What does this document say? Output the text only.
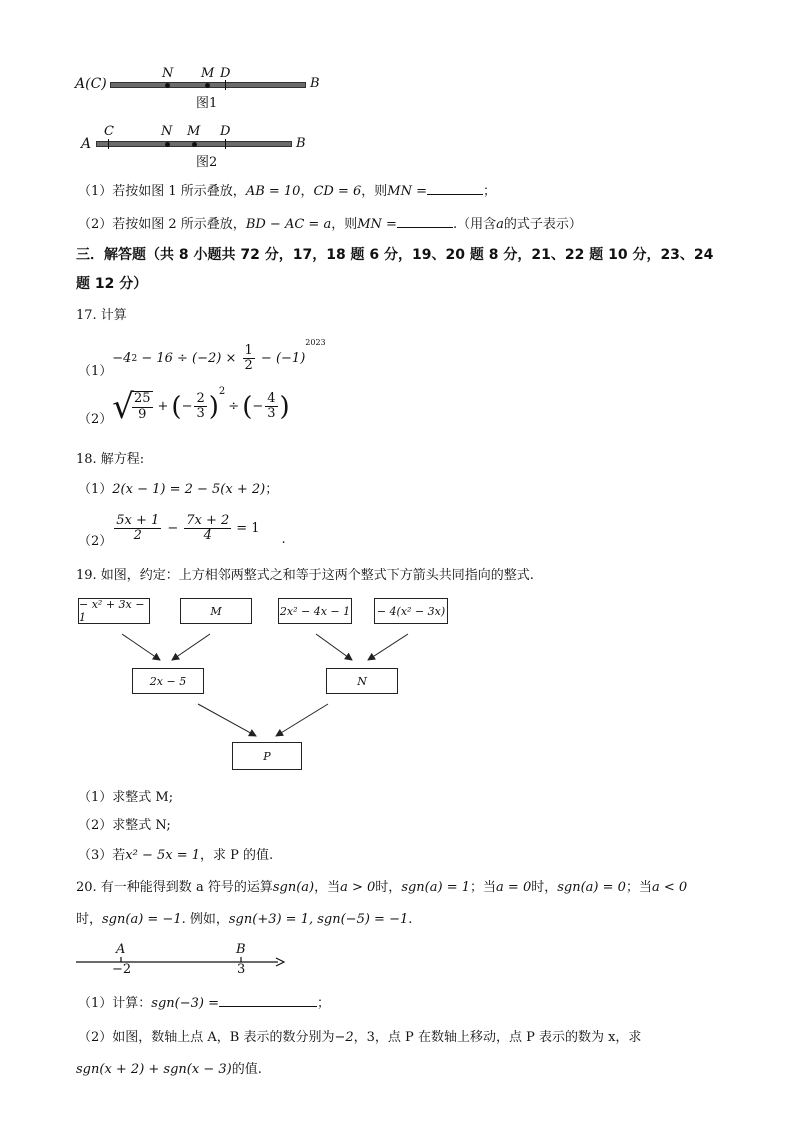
A(C)
N M D
B
图1
A
C	N M D
B
图2
（1）若按如图 1 所示叠放，AB = 10，CD = 6，则MN =	；
（2）若按如图 2 所示叠放，BD − AC = a，则MN =	.（用含a的式子表示）
三．解答题（共 8 小题共 72 分，17，18 题 6 分，19、20 题 8 分，21、22 题 10 分，23、24
题 12 分）
17. 计算
（1）
−4 $2 - 16 \div (-2) \times \frac{1}{2} - (-1)$
2023
（2） √
$\frac{25}{9}$ + ( − $\frac{2}{3} )^2$
÷ ( − $\frac{4}{3}$ )
18. 解方程:
（1）2(x − 1) = 2 − 5(x + 2)；
$(2) \frac{5x + 1}{2} - \frac{7x + 2}{4} = 1$
.
19. 如图，约定：上方相邻两整式之和等于这两个整式下方箭头共同指向的整式.
− x² + 3x − 1	M	2x² − 4x − 1 − 4(x² − 3x)
2x − 5	N
P
（1）求整式 M;
（2）求整式 N;
（3）若x² − 5x = 1，求 P 的值.
20. 有一种能得到数 a 符号的运算sgn(a)，当a > 0时，sgn(a) = 1；当a = 0时，sgn(a) = 0；当a < 0
时，sgn(a) = −1. 例如，sgn(+3) = 1, sgn(−5) = −1.
A
−2
B
3
（1）计算：sgn(−3) =	；
（2）如图，数轴上点 A，B 表示的数分别为−2，3，点 P 在数轴上移动，点 P 表示的数为 x，求
sgn(x + 2) + sgn(x − 3)的值.
